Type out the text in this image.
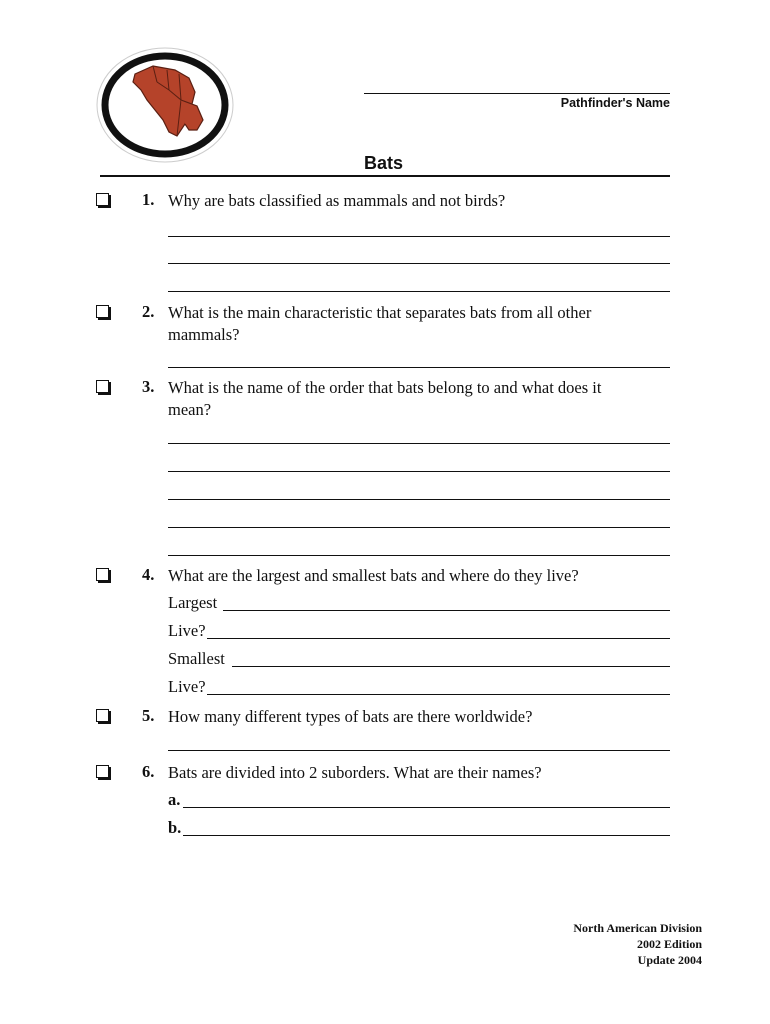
Pathfinder's Name
Bats
1. Why are bats classified as mammals and not birds?
2. What is the main characteristic that separates bats from all other mammals?
3. What is the name of the order that bats belong to and what does it mean?
4. What are the largest and smallest bats and where do they live?
Largest
Live?
Smallest
Live?
5. How many different types of bats are there worldwide?
6. Bats are divided into 2 suborders. What are their names?
a.
b.
North American Division
2002 Edition
Update 2004
